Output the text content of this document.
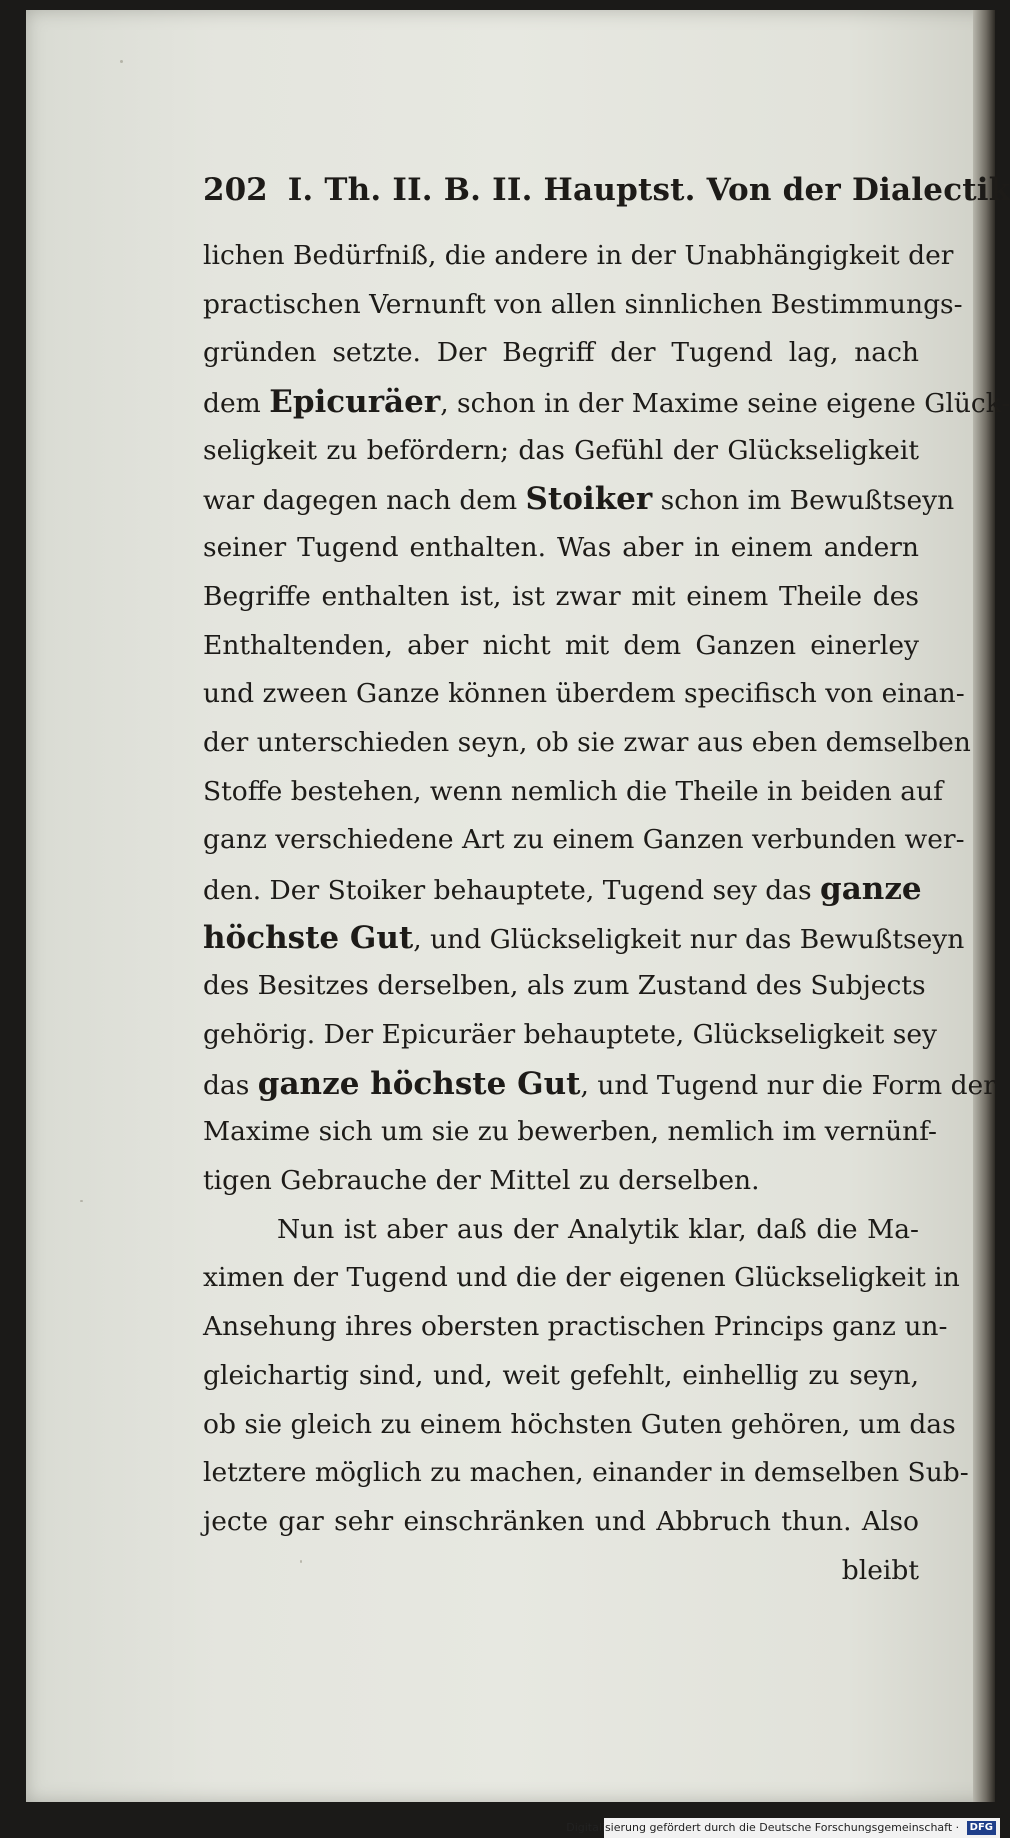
202 I. Th. II. B. II. Hauptst. Von der Dialectik
lichen Bedürfniß, die andere in der Unabhängigkeit der
practischen Vernunft von allen sinnlichen Bestimmungs-
gründen setzte. Der Begriff der Tugend lag, nach
dem Epicuräer, schon in der Maxime seine eigene Glück-
seligkeit zu befördern; das Gefühl der Glückseligkeit
war dagegen nach dem Stoiker schon im Bewußtseyn
seiner Tugend enthalten. Was aber in einem andern
Begriffe enthalten ist, ist zwar mit einem Theile des
Enthaltenden, aber nicht mit dem Ganzen einerley
und zween Ganze können überdem specifisch von einan-
der unterschieden seyn, ob sie zwar aus eben demselben
Stoffe bestehen, wenn nemlich die Theile in beiden auf
ganz verschiedene Art zu einem Ganzen verbunden wer-
den. Der Stoiker behauptete, Tugend sey das ganze
höchste Gut, und Glückseligkeit nur das Bewußtseyn
des Besitzes derselben, als zum Zustand des Subjects
gehörig. Der Epicuräer behauptete, Glückseligkeit sey
das ganze höchste Gut, und Tugend nur die Form der
Maxime sich um sie zu bewerben, nemlich im vernünf-
tigen Gebrauche der Mittel zu derselben.
Nun ist aber aus der Analytik klar, daß die Ma-
ximen der Tugend und die der eigenen Glückseligkeit in
Ansehung ihres obersten practischen Princips ganz un-
gleichartig sind, und, weit gefehlt, einhellig zu seyn,
ob sie gleich zu einem höchsten Guten gehören, um das
letztere möglich zu machen, einander in demselben Sub-
jecte gar sehr einschränken und Abbruch thun. Also
bleibt
Digitalisierung gefördert durch die Deutsche Forschungsgemeinschaft · DFG
